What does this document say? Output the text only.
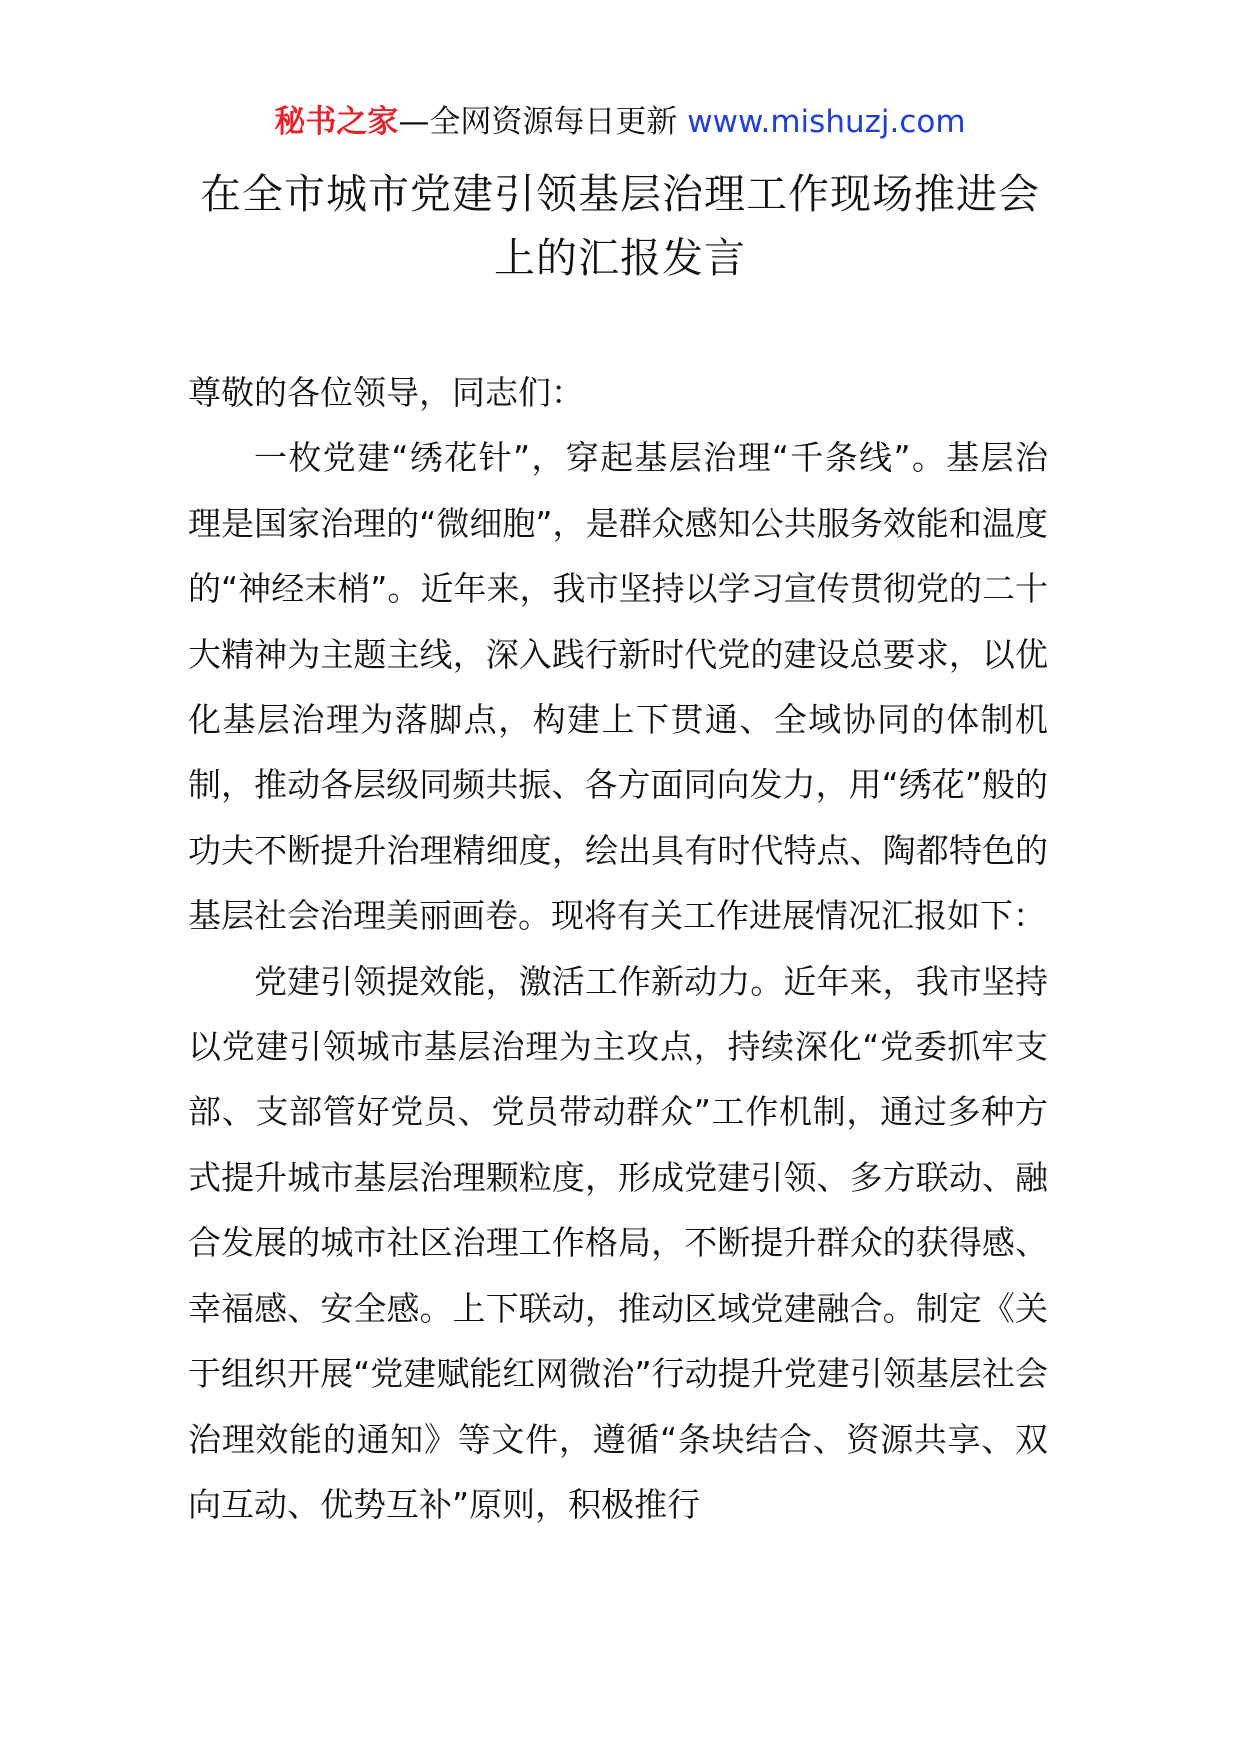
秘书之家—全网资源每日更新 www.mishuzj.com
在全市城市党建引领基层治理工作现场推进会
上的汇报发言

尊敬的各位领导，同志们：

一枚党建“绣花针”，穿起基层治理“千条线”。基层治理是国家治理的“微细胞”，是群众感知公共服务效能和温度的“神经末梢”。近年来，我市坚持以学习宣传贯彻党的二十大精神为主题主线，深入践行新时代党的建设总要求，以优化基层治理为落脚点，构建上下贯通、全域协同的体制机制，推动各层级同频共振、各方面同向发力，用“绣花”般的功夫不断提升治理精细度，绘出具有时代特点、陶都特色的基层社会治理美丽画卷。现将有关工作进展情况汇报如下：

党建引领提效能，激活工作新动力。近年来，我市坚持以党建引领城市基层治理为主攻点，持续深化“党委抓牢支部、支部管好党员、党员带动群众”工作机制，通过多种方式提升城市基层治理颗粒度，形成党建引领、多方联动、融合发展的城市社区治理工作格局，不断提升群众的获得感、幸福感、安全感。上下联动，推动区域党建融合。制定《关于组织开展“党建赋能红网微治”行动提升党建引领基层社会治理效能的通知》等文件，遵循“条块结合、资源共享、双向互动、优势互补”原则，积极推行
